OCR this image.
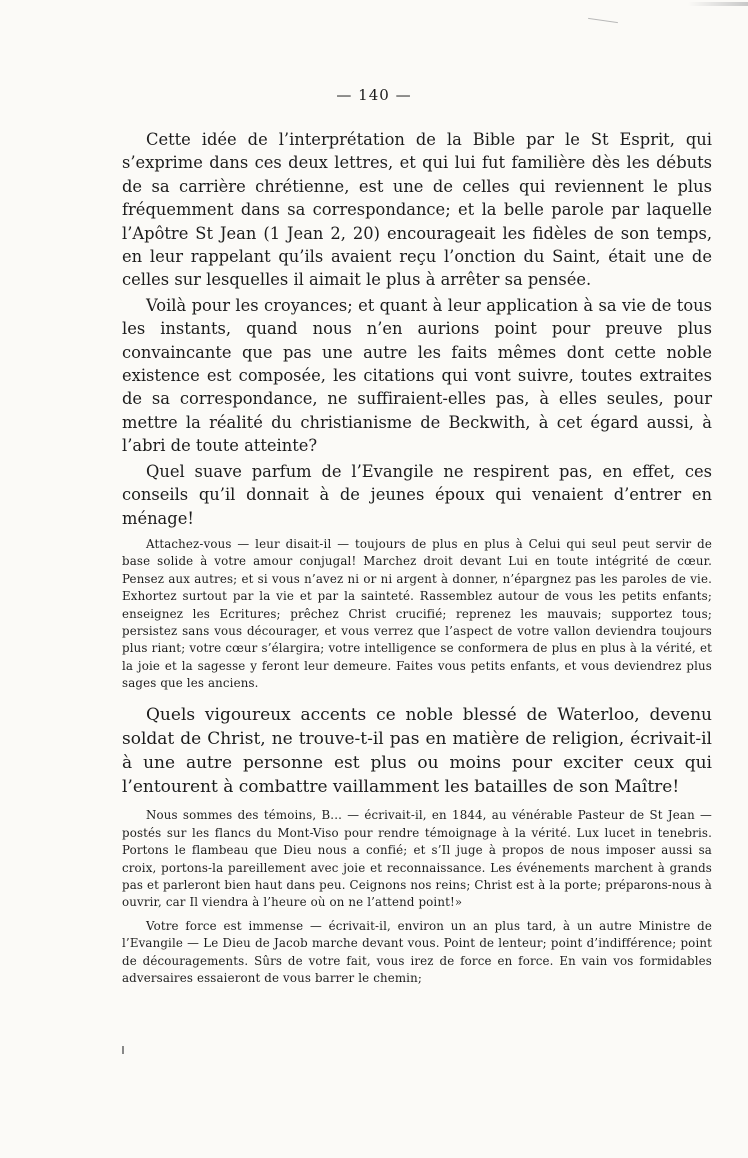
— 140 —

Cette idée de l’interprétation de la Bible par le St Esprit, qui s’exprime dans ces deux lettres, et qui lui fut familière dès les débuts de sa carrière chrétienne, est une de celles qui reviennent le plus fréquemment dans sa correspondance; et la belle parole par laquelle l’Apôtre St Jean (1 Jean 2, 20) encourageait les fidèles de son temps, en leur rappelant qu’ils avaient reçu l’onction du Saint, était une de celles sur lesquelles il aimait le plus à arrêter sa pensée.

Voilà pour les croyances; et quant à leur application à sa vie de tous les instants, quand nous n’en aurions point pour preuve plus convaincante que pas une autre les faits mêmes dont cette noble existence est composée, les citations qui vont suivre, toutes extraites de sa correspondance, ne suffiraient-elles pas, à elles seules, pour mettre la réalité du christianisme de Beckwith, à cet égard aussi, à l’abri de toute atteinte?

Quel suave parfum de l’Evangile ne respirent pas, en effet, ces conseils qu’il donnait à de jeunes époux qui venaient d’entrer en ménage!

Attachez-vous — leur disait-il — toujours de plus en plus à Celui qui seul peut servir de base solide à votre amour conjugal! Marchez droit devant Lui en toute intégrité de cœur. Pensez aux autres; et si vous n’avez ni or ni argent à donner, n’épargnez pas les paroles de vie. Exhortez surtout par la vie et par la sainteté. Rassemblez autour de vous les petits enfants; enseignez les Ecritures; prêchez Christ crucifié; reprenez les mauvais; supportez tous; persistez sans vous décourager, et vous verrez que l’aspect de votre vallon deviendra toujours plus riant; votre cœur s’élargira; votre intelligence se conformera de plus en plus à la vérité, et la joie et la sagesse y feront leur demeure. Faites vous petits enfants, et vous deviendrez plus sages que les anciens.

Quels vigoureux accents ce noble blessé de Waterloo, devenu soldat de Christ, ne trouve-t-il pas en matière de religion, écrivait-il à une autre personne est plus ou moins pour exciter ceux qui l’entourent à combattre vaillamment les batailles de son Maître!

Nous sommes des témoins, B... — écrivait-il, en 1844, au vénérable Pasteur de St Jean — postés sur les flancs du Mont-Viso pour rendre témoignage à la vérité. Lux lucet in tenebris. Portons le flambeau que Dieu nous a confié; et s’Il juge à propos de nous imposer aussi sa croix, portons-la pareillement avec joie et reconnaissance. Les événements marchent à grands pas et parleront bien haut dans peu. Ceignons nos reins; Christ est à la porte; préparons-nous à ouvrir, car Il viendra à l’heure où on ne l’attend point!»

Votre force est immense — écrivait-il, environ un an plus tard, à un autre Ministre de l’Evangile — Le Dieu de Jacob marche devant vous. Point de lenteur; point d’indifférence; point de découragements. Sûrs de votre fait, vous irez de force en force. En vain vos formidables adversaires essaieront de vous barrer le chemin;
